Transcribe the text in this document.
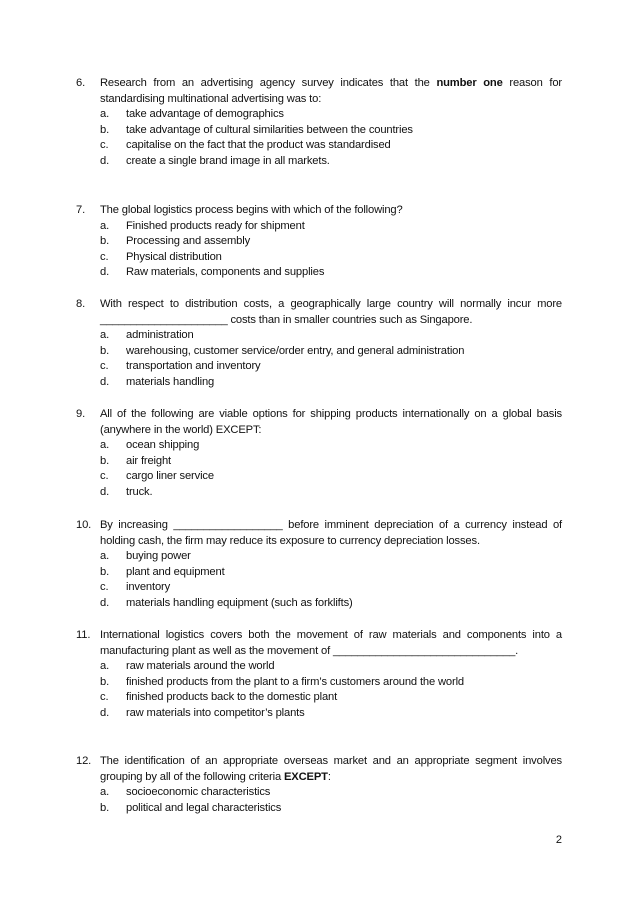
6.	Research from an advertising agency survey indicates that the number one reason for standardising multinational advertising was to:
a.	take advantage of demographics
b.	take advantage of cultural similarities between the countries
c.	capitalise on the fact that the product was standardised
d.	create a single brand image in all markets.
7.	The global logistics process begins with which of the following?
a.	Finished products ready for shipment
b.	Processing and assembly
c.	Physical distribution
d.	Raw materials, components and supplies
8.	With respect to distribution costs, a geographically large country will normally incur more _____________________ costs than in smaller countries such as Singapore.
a.	administration
b.	warehousing, customer service/order entry, and general administration
c.	transportation and inventory
d.	materials handling
9.	All of the following are viable options for shipping products internationally on a global basis (anywhere in the world) EXCEPT:
a.	ocean shipping
b.	air freight
c.	cargo liner service
d.	truck.
10. By increasing __________________ before imminent depreciation of a currency instead of holding cash, the firm may reduce its exposure to currency depreciation losses.
a.	buying power
b.	plant and equipment
c.	inventory
d.	materials handling equipment (such as forklifts)
11. International logistics covers both the movement of raw materials and components into a manufacturing plant as well as the movement of ______________________________.
a.	raw materials around the world
b.	finished products from the plant to a firm’s customers around the world
c.	finished products back to the domestic plant
d.	raw materials into competitor’s plants
12. The identification of an appropriate overseas market and an appropriate segment involves grouping by all of the following criteria EXCEPT:
a.	socioeconomic characteristics
b.	political and legal characteristics
2
